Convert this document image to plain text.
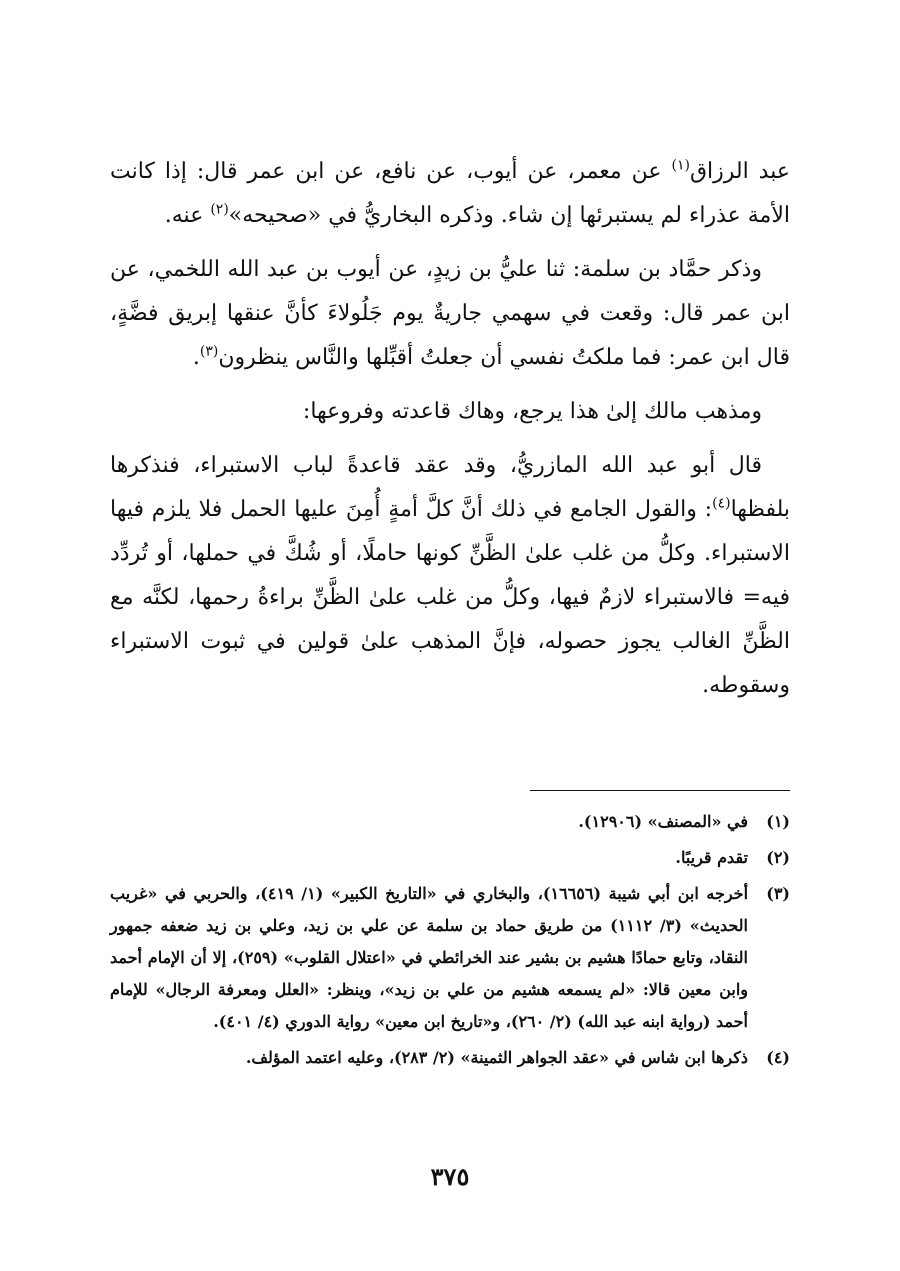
عبد الرزاق$^{(١)}$ عن معمر، عن أيوب، عن نافع، عن ابن عمر قال: إذا كانت الأمة عذراء لم يستبرئها إن شاء. وذكره البخاريُّ في «صحيحه»$^{(٢)}$ عنه.

وذكر حمَّاد بن سلمة: ثنا عليُّ بن زيدٍ، عن أيوب بن عبد الله اللخمي، عن ابن عمر قال: وقعت في سهمي جاريةٌ يوم جَلُولاءَ كأنَّ عنقها إبريق فضَّةٍ، قال ابن عمر: فما ملكتُ نفسي أن جعلتُ أقبِّلها والنَّاس ينظرون$^{(٣)}$.

ومذهب مالك إلىٰ هذا يرجع، وهاك قاعدته وفروعها:

قال أبو عبد الله المازريُّ، وقد عقد قاعدةً لباب الاستبراء، فنذكرها بلفظها$^{(٤)}$: والقول الجامع في ذلك أنَّ كلَّ أمةٍ أُمِنَ عليها الحمل فلا يلزم فيها الاستبراء. وكلُّ من غلب علىٰ الظَّنِّ كونها حاملًا، أو شُكَّ في حملها، أو تُردِّد فيه= فالاستبراء لازمٌ فيها، وكلُّ من غلب علىٰ الظَّنِّ براءةُ رحمها، لكنَّه مع الظَّنِّ الغالب يجوز حصوله، فإنَّ المذهب علىٰ قولين في ثبوت الاستبراء وسقوطه.

(١)
في «المصنف» (١٢٩٠٦).
(٢)
تقدم قريبًا.
(٣)
أخرجه ابن أبي شيبة (١٦٦٥٦)، والبخاري في «التاريخ الكبير» (١/ ٤١٩)، والحربي في «غريب الحديث» (٣/ ١١١٢) من طريق حماد بن سلمة عن علي بن زيد، وعلي بن زيد ضعفه جمهور النقاد، وتابع حمادًا هشيم بن بشير عند الخرائطي في «اعتلال القلوب» (٢٥٩)، إلا أن الإمام أحمد وابن معين قالا: «لم يسمعه هشيم من علي بن زيد»، وينظر: «العلل ومعرفة الرجال» للإمام أحمد (رواية ابنه عبد الله) (٢/ ٢٦٠)، و«تاريخ ابن معين» رواية الدوري (٤/ ٤٠١).
(٤)
ذكرها ابن شاس في «عقد الجواهر الثمينة» (٢/ ٢٨٣)، وعليه اعتمد المؤلف.
٣٧٥
